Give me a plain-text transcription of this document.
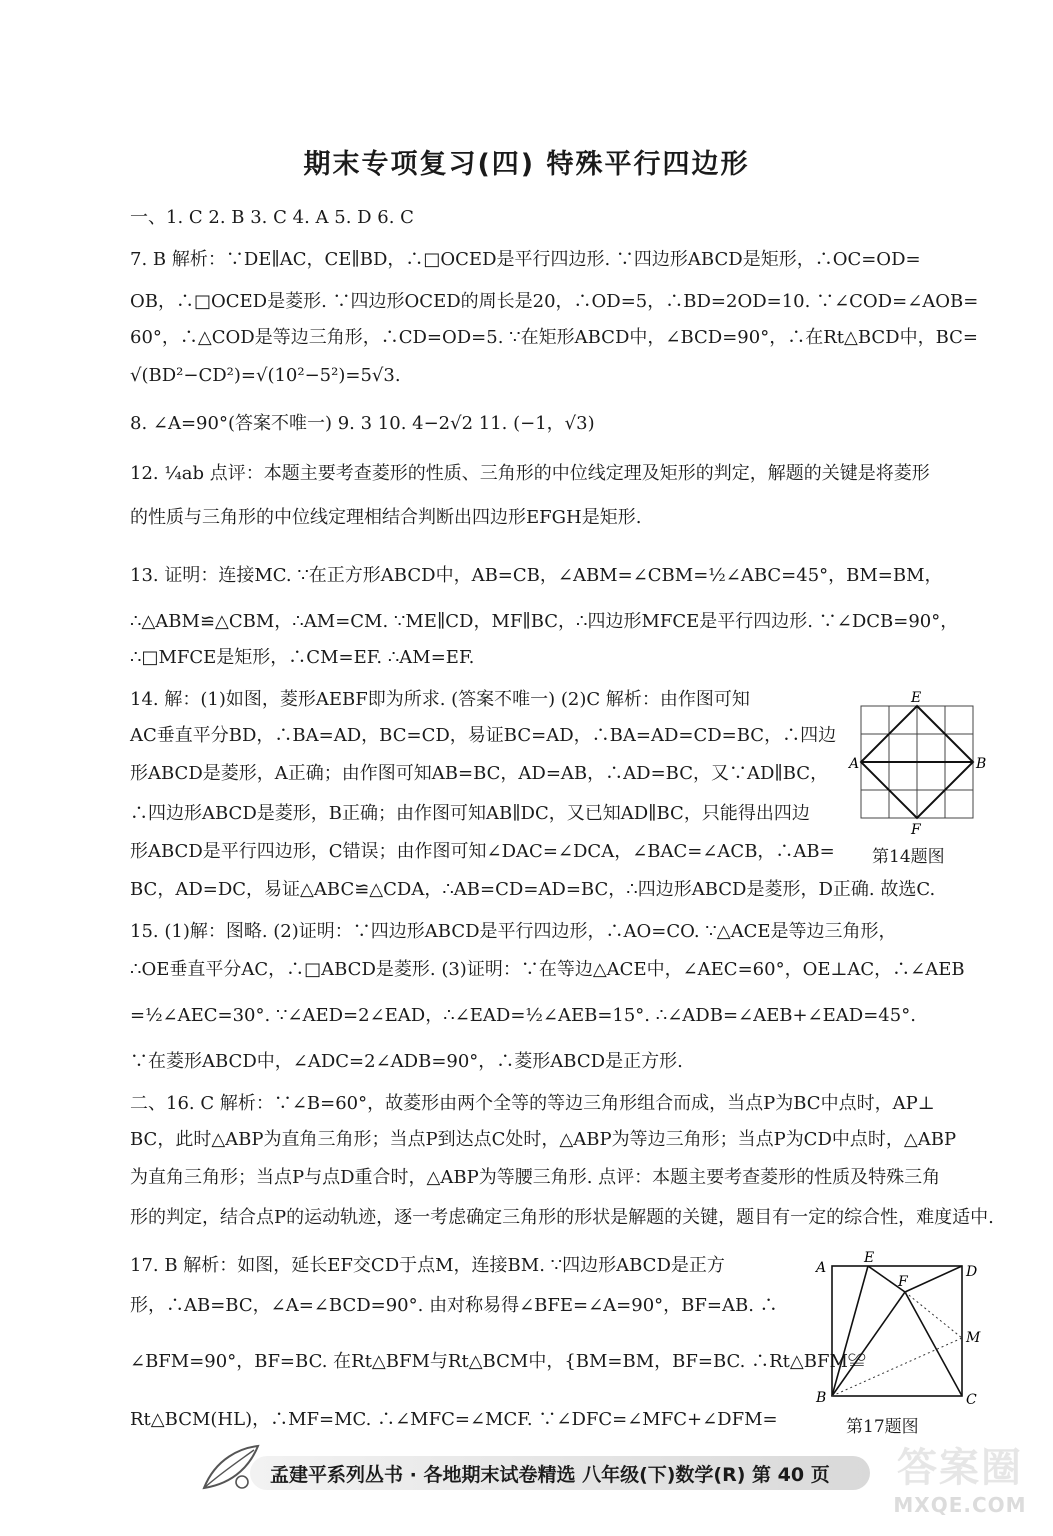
期末专项复习(四) 特殊平行四边形
一、1. C 2. B 3. C 4. A 5. D 6. C
7. B 解析：∵DE∥AC，CE∥BD，∴□OCED是平行四边形. ∵四边形ABCD是矩形，∴OC=OD=
OB，∴□OCED是菱形. ∵四边形OCED的周长是20，∴OD=5，∴BD=2OD=10. ∵∠COD=∠AOB=
60°，∴△COD是等边三角形，∴CD=OD=5. ∵在矩形ABCD中，∠BCD=90°，∴在Rt△BCD中，BC=
√(BD²−CD²)=√(10²−5²)=5√3.
8. ∠A=90°(答案不唯一) 9. 3 10. 4−2√2 11. (−1，√3)
12. ¼ab 点评：本题主要考查菱形的性质、三角形的中位线定理及矩形的判定，解题的关键是将菱形
的性质与三角形的中位线定理相结合判断出四边形EFGH是矩形.
13. 证明：连接MC. ∵在正方形ABCD中，AB=CB，∠ABM=∠CBM=½∠ABC=45°，BM=BM，
∴△ABM≌△CBM，∴AM=CM. ∵ME∥CD，MF∥BC，∴四边形MFCE是平行四边形. ∵∠DCB=90°，
∴□MFCE是矩形，∴CM=EF. ∴AM=EF.
14. 解：(1)如图，菱形AEBF即为所求. (答案不唯一) (2)C 解析：由作图可知
AC垂直平分BD，∴BA=AD，BC=CD，易证BC=AD，∴BA=AD=CD=BC，∴四边
形ABCD是菱形，A正确；由作图可知AB=BC，AD=AB，∴AD=BC，又∵AD∥BC，
∴四边形ABCD是菱形，B正确；由作图可知AB∥DC，又已知AD∥BC，只能得出四边
形ABCD是平行四边形，C错误；由作图可知∠DAC=∠DCA，∠BAC=∠ACB，∴AB=
BC，AD=DC，易证△ABC≌△CDA，∴AB=CD=AD=BC，∴四边形ABCD是菱形，D正确. 故选C.
15. (1)解：图略. (2)证明：∵四边形ABCD是平行四边形，∴AO=CO. ∵△ACE是等边三角形，
∴OE垂直平分AC，∴□ABCD是菱形. (3)证明：∵在等边△ACE中，∠AEC=60°，OE⊥AC，∴∠AEB
=½∠AEC=30°. ∵∠AED=2∠EAD，∴∠EAD=½∠AEB=15°. ∴∠ADB=∠AEB+∠EAD=45°.
∵在菱形ABCD中，∠ADC=2∠ADB=90°，∴菱形ABCD是正方形.
二、16. C 解析：∵∠B=60°，故菱形由两个全等的等边三角形组合而成，当点P为BC中点时，AP⊥
BC，此时△ABP为直角三角形；当点P到达点C处时，△ABP为等边三角形；当点P为CD中点时，△ABP
为直角三角形；当点P与点D重合时，△ABP为等腰三角形. 点评：本题主要考查菱形的性质及特殊三角
形的判定，结合点P的运动轨迹，逐一考虑确定三角形的形状是解题的关键，题目有一定的综合性，难度适中.
17. B 解析：如图，延长EF交CD于点M，连接BM. ∵四边形ABCD是正方
形，∴AB=BC，∠A=∠BCD=90°. 由对称易得∠BFE=∠A=90°，BF=AB. ∴
∠BFM=90°，BF=BC. 在Rt△BFM与Rt△BCM中，{BM=BM，BF=BC. ∴Rt△BFM≌
Rt△BCM(HL)，∴MF=MC. ∴∠MFC=∠MCF. ∵∠DFC=∠MFC+∠DFM=
E
A	B
F
第14题图
A
E
F
D
M
B	C
第17题图
孟建平系列丛书 · 各地期末试卷精选 八年级(下)数学(R) 第 40 页	答案圈
MXQE.COM
